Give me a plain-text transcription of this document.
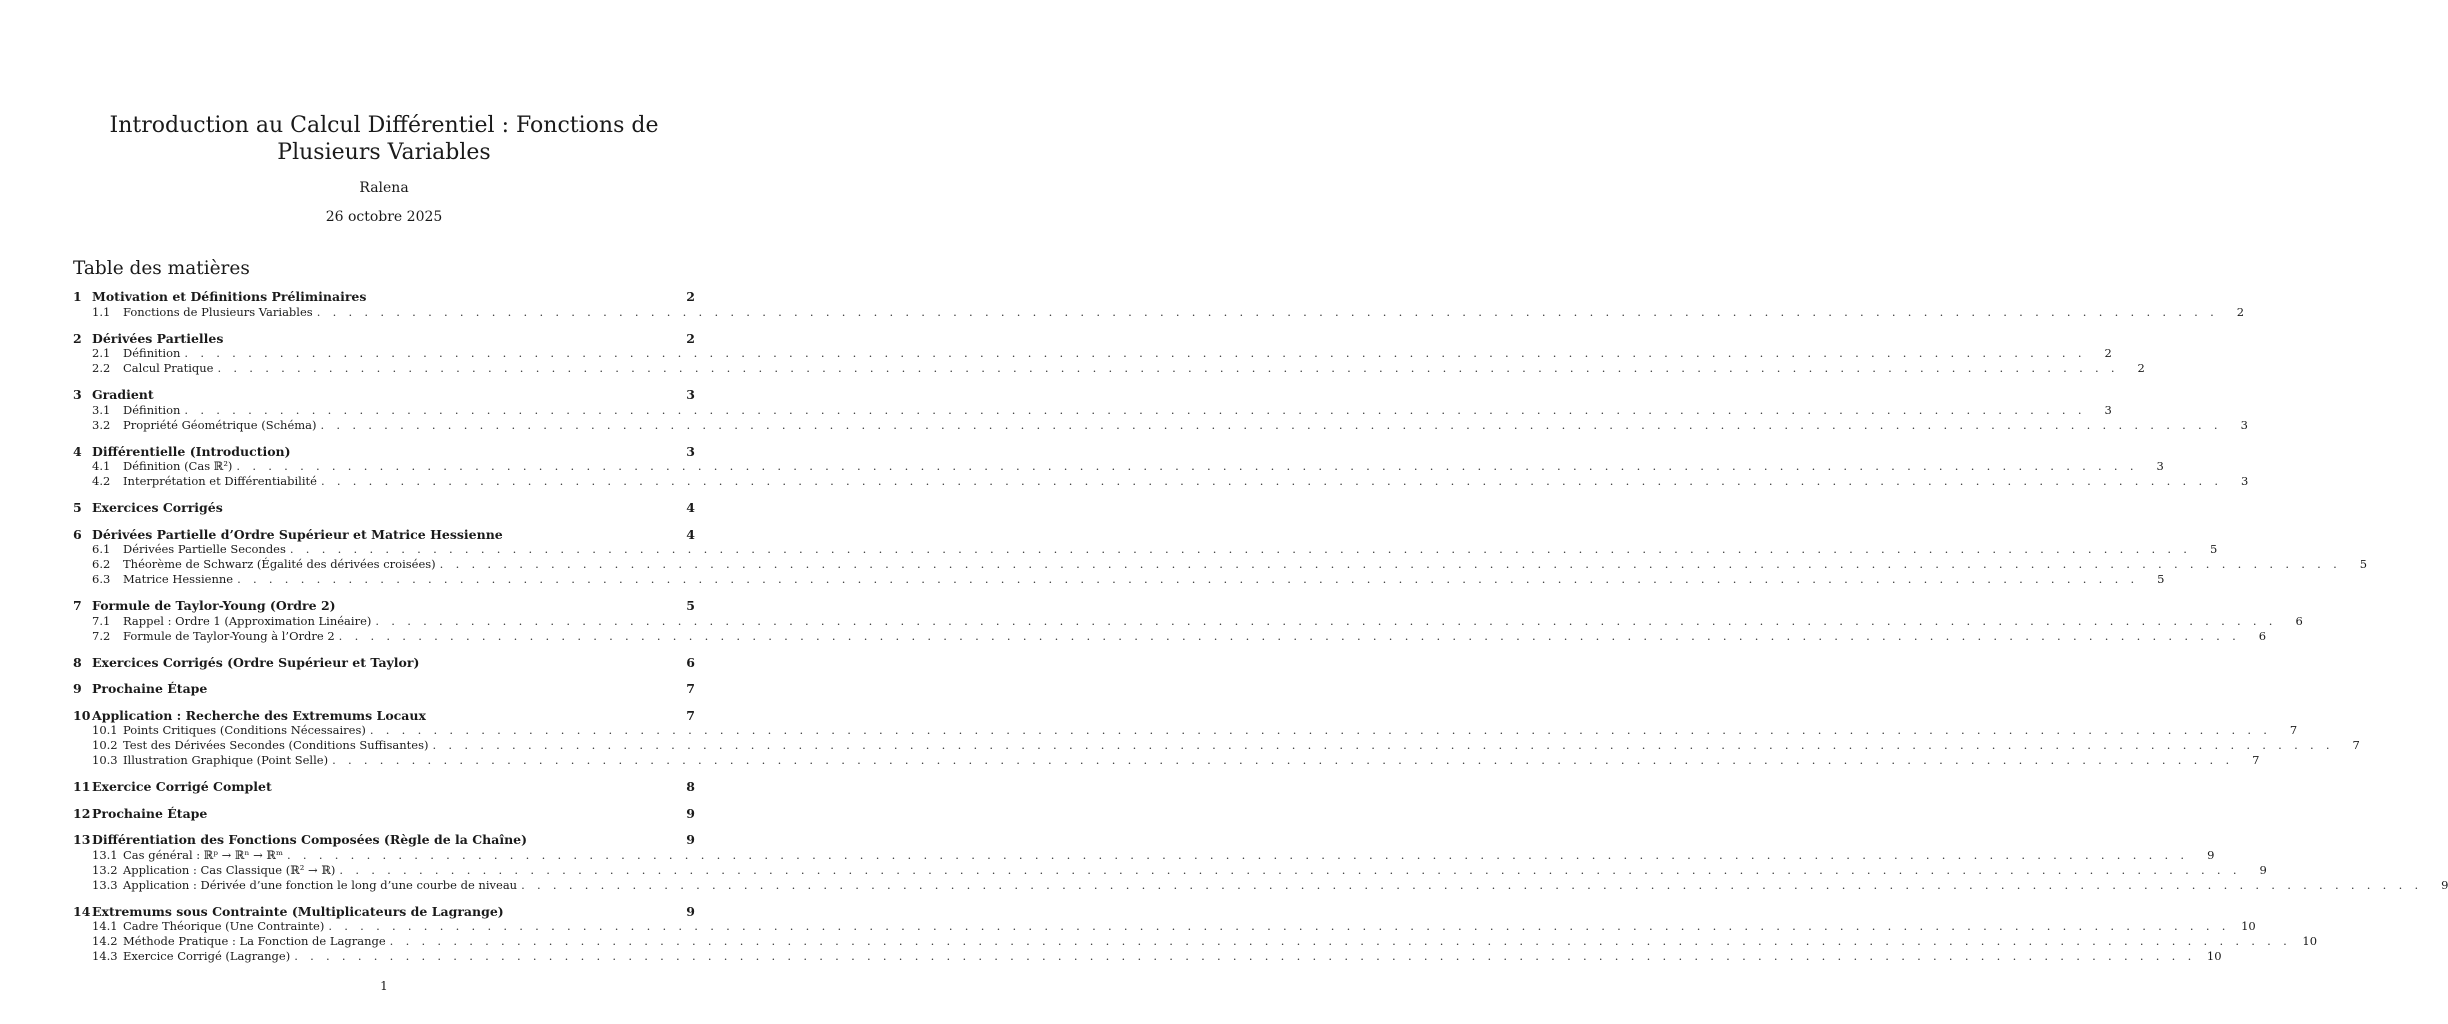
Introduction au Calcul Différentiel : Fonctions de Plusieurs Variables
Ralena
26 octobre 2025
Table des matières
1 Motivation et Définitions Préliminaires	2
1.1	Fonctions de Plusieurs Variables . . . . . . . . . . . . . . . . . . . . . . . . . . . . . . . . . . . . . . . . . . . . . . . . . . . . . . . . . . . . . . . . . . . . . . . . . . . . . . . . . . . . . . . . . . . . . . . . . . . . . . . . . . . . . . . . . . . . . . . .	2
2 Dérivées Partielles	2
2.1	Définition . . . . . . . . . . . . . . . . . . . . . . . . . . . . . . . . . . . . . . . . . . . . . . . . . . . . . . . . . . . . . . . . . . . . . . . . . . . . . . . . . . . . . . . . . . . . . . . . . . . . . . . . . . . . . . . . . . . . . . . .	2
2.2	Calcul Pratique . . . . . . . . . . . . . . . . . . . . . . . . . . . . . . . . . . . . . . . . . . . . . . . . . . . . . . . . . . . . . . . . . . . . . . . . . . . . . . . . . . . . . . . . . . . . . . . . . . . . . . . . . . . . . . . . . . . . . . . .	2
3 Gradient	3
3.1	Définition . . . . . . . . . . . . . . . . . . . . . . . . . . . . . . . . . . . . . . . . . . . . . . . . . . . . . . . . . . . . . . . . . . . . . . . . . . . . . . . . . . . . . . . . . . . . . . . . . . . . . . . . . . . . . . . . . . . . . . . .	3
3.2	Propriété Géométrique (Schéma) . . . . . . . . . . . . . . . . . . . . . . . . . . . . . . . . . . . . . . . . . . . . . . . . . . . . . . . . . . . . . . . . . . . . . . . . . . . . . . . . . . . . . . . . . . . . . . . . . . . . . . . . . . . . . . . . . . . . . . . .	3
4 Différentielle (Introduction)	3
4.1	Définition (Cas ℝ²) . . . . . . . . . . . . . . . . . . . . . . . . . . . . . . . . . . . . . . . . . . . . . . . . . . . . . . . . . . . . . . . . . . . . . . . . . . . . . . . . . . . . . . . . . . . . . . . . . . . . . . . . . . . . . . . . . . . . . . . .	3
4.2	Interprétation et Différentiabilité . . . . . . . . . . . . . . . . . . . . . . . . . . . . . . . . . . . . . . . . . . . . . . . . . . . . . . . . . . . . . . . . . . . . . . . . . . . . . . . . . . . . . . . . . . . . . . . . . . . . . . . . . . . . . . . . . . . . . . . .	3
5 Exercices Corrigés	4
6 Dérivées Partielle d’Ordre Supérieur et Matrice Hessienne	4
6.1	Dérivées Partielle Secondes . . . . . . . . . . . . . . . . . . . . . . . . . . . . . . . . . . . . . . . . . . . . . . . . . . . . . . . . . . . . . . . . . . . . . . . . . . . . . . . . . . . . . . . . . . . . . . . . . . . . . . . . . . . . . . . . . . . . . . . .	5
6.2	Théorème de Schwarz (Égalité des dérivées croisées) . . . . . . . . . . . . . . . . . . . . . . . . . . . . . . . . . . . . . . . . . . . . . . . . . . . . . . . . . . . . . . . . . . . . . . . . . . . . . . . . . . . . . . . . . . . . . . . . . . . . . . . . . . . . . . . . . . . . . . . .	5
6.3	Matrice Hessienne . . . . . . . . . . . . . . . . . . . . . . . . . . . . . . . . . . . . . . . . . . . . . . . . . . . . . . . . . . . . . . . . . . . . . . . . . . . . . . . . . . . . . . . . . . . . . . . . . . . . . . . . . . . . . . . . . . . . . . . .	5
7 Formule de Taylor-Young (Ordre 2)	5
7.1	Rappel : Ordre 1 (Approximation Linéaire) . . . . . . . . . . . . . . . . . . . . . . . . . . . . . . . . . . . . . . . . . . . . . . . . . . . . . . . . . . . . . . . . . . . . . . . . . . . . . . . . . . . . . . . . . . . . . . . . . . . . . . . . . . . . . . . . . . . . . . . .	6
7.2	Formule de Taylor-Young à l’Ordre 2 . . . . . . . . . . . . . . . . . . . . . . . . . . . . . . . . . . . . . . . . . . . . . . . . . . . . . . . . . . . . . . . . . . . . . . . . . . . . . . . . . . . . . . . . . . . . . . . . . . . . . . . . . . . . . . . . . . . . . . . .	6
8 Exercices Corrigés (Ordre Supérieur et Taylor)	6
9 Prochaine Étape	7
10 Application : Recherche des Extremums Locaux	7
10.1 Points Critiques (Conditions Nécessaires) . . . . . . . . . . . . . . . . . . . . . . . . . . . . . . . . . . . . . . . . . . . . . . . . . . . . . . . . . . . . . . . . . . . . . . . . . . . . . . . . . . . . . . . . . . . . . . . . . . . . . . . . . . . . . . . . . . . . . . . .	7
10.2 Test des Dérivées Secondes (Conditions Suffisantes) . . . . . . . . . . . . . . . . . . . . . . . . . . . . . . . . . . . . . . . . . . . . . . . . . . . . . . . . . . . . . . . . . . . . . . . . . . . . . . . . . . . . . . . . . . . . . . . . . . . . . . . . . . . . . . . . . . . . . . . .	7
10.3 Illustration Graphique (Point Selle) . . . . . . . . . . . . . . . . . . . . . . . . . . . . . . . . . . . . . . . . . . . . . . . . . . . . . . . . . . . . . . . . . . . . . . . . . . . . . . . . . . . . . . . . . . . . . . . . . . . . . . . . . . . . . . . . . . . . . . . .	7
11 Exercice Corrigé Complet	8
12 Prochaine Étape	9
13 Différentiation des Fonctions Composées (Règle de la Chaîne)	9
13.1 Cas général : ℝᵖ → ℝⁿ → ℝᵐ . . . . . . . . . . . . . . . . . . . . . . . . . . . . . . . . . . . . . . . . . . . . . . . . . . . . . . . . . . . . . . . . . . . . . . . . . . . . . . . . . . . . . . . . . . . . . . . . . . . . . . . . . . . . . . . . . . . . . . . .	9
13.2 Application : Cas Classique (ℝ² → ℝ) . . . . . . . . . . . . . . . . . . . . . . . . . . . . . . . . . . . . . . . . . . . . . . . . . . . . . . . . . . . . . . . . . . . . . . . . . . . . . . . . . . . . . . . . . . . . . . . . . . . . . . . . . . . . . . . . . . . . . . . .	9
13.3 Application : Dérivée d’une fonction le long d’une courbe de niveau . . . . . . . . . . . . . . . . . . . . . . . . . . . . . . . . . . . . . . . . . . . . . . . . . . . . . . . . . . . . . . . . . . . . . . . . . . . . . . . . . . . . . . . . . . . . . . . . . . . . . . . . . . . . . . . . . . . . . . . .	9
14 Extremums sous Contrainte (Multiplicateurs de Lagrange)	9
14.1 Cadre Théorique (Une Contrainte) . . . . . . . . . . . . . . . . . . . . . . . . . . . . . . . . . . . . . . . . . . . . . . . . . . . . . . . . . . . . . . . . . . . . . . . . . . . . . . . . . . . . . . . . . . . . . . . . . . . . . . . . . . . . . . . . . . . . . . . . 10
14.2 Méthode Pratique : La Fonction de Lagrange . . . . . . . . . . . . . . . . . . . . . . . . . . . . . . . . . . . . . . . . . . . . . . . . . . . . . . . . . . . . . . . . . . . . . . . . . . . . . . . . . . . . . . . . . . . . . . . . . . . . . . . . . . . . . . . . . . . . . . . . 10
14.3 Exercice Corrigé (Lagrange) . . . . . . . . . . . . . . . . . . . . . . . . . . . . . . . . . . . . . . . . . . . . . . . . . . . . . . . . . . . . . . . . . . . . . . . . . . . . . . . . . . . . . . . . . . . . . . . . . . . . . . . . . . . . . . . . . . . . . . . . 10
1
